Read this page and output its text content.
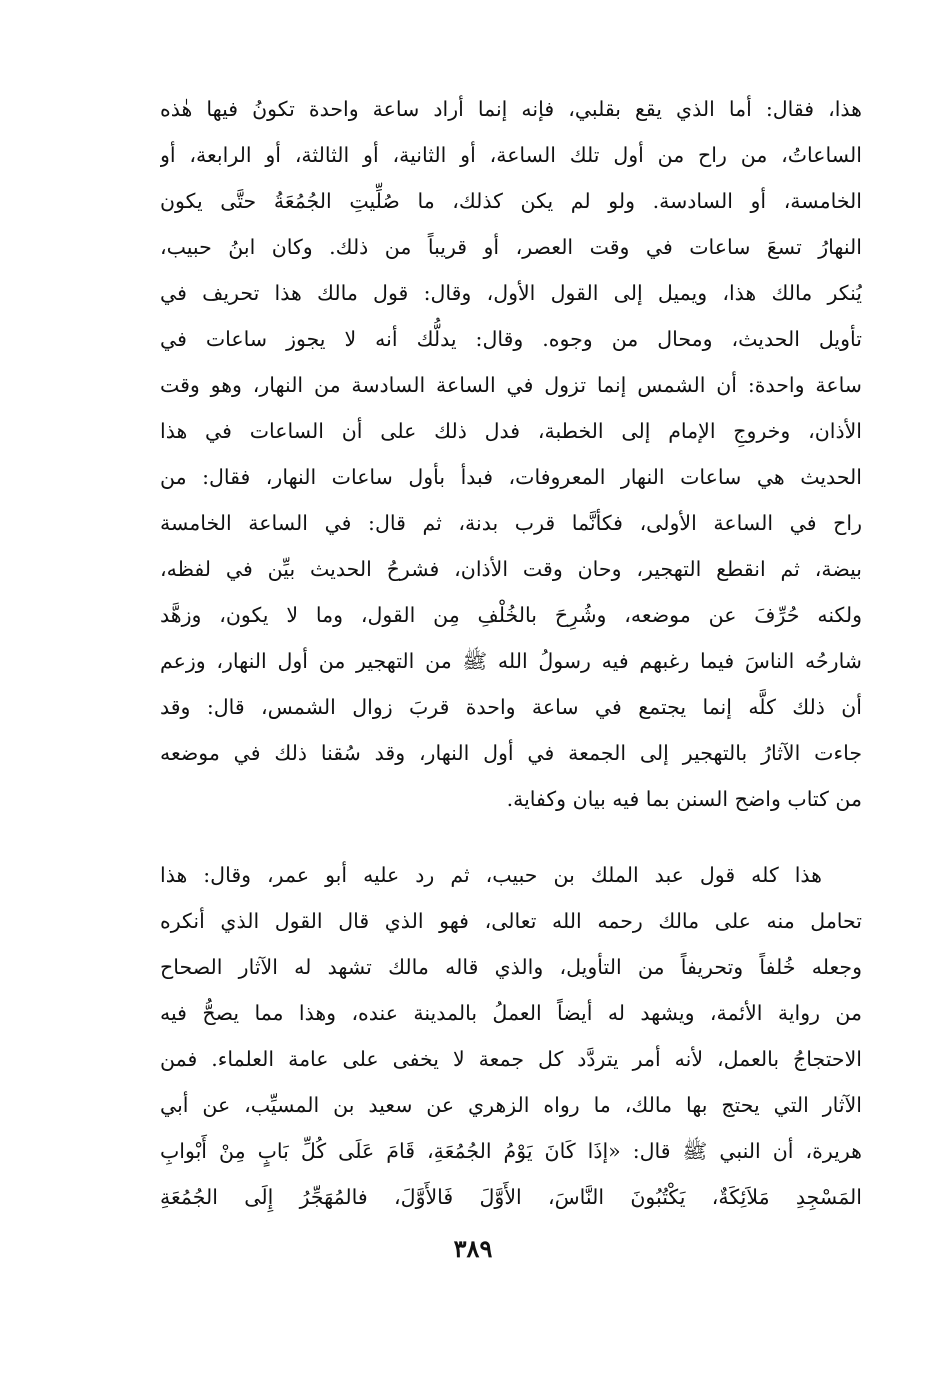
هذا، فقال: أما الذي يقع بقلبي، فإنه إنما أراد ساعة واحدة تكونُ فيها هٰذه
الساعاتُ، من راح من أول تلك الساعة، أو الثانية، أو الثالثة، أو الرابعة، أو
الخامسة، أو السادسة. ولو لم يكن كذلك، ما صُلِّيتِ الجُمُعَةُ حتَّى يكون
النهارُ تسعَ ساعات في وقت العصر، أو قريباً من ذلك. وكان ابنُ حبيب،
يُنكر مالك هذا، ويميل إلى القول الأول، وقال: قول مالك هذا تحريف في
تأويل الحديث، ومحال من وجوه. وقال: يدلُّك أنه لا يجوز ساعات في
ساعة واحدة: أن الشمس إنما تزول في الساعة السادسة من النهار، وهو وقت
الأذان، وخروجِ الإمام إلى الخطبة، فدل ذلك على أن الساعات في هذا
الحديث هي ساعات النهار المعروفات، فبدأ بأول ساعات النهار، فقال: من
راح في الساعة الأولى، فكأنَّما قرب بدنة، ثم قال: في الساعة الخامسة
بيضة، ثم انقطع التهجير، وحان وقت الأذان، فشرحُ الحديث بيِّن في لفظه،
ولكنه حُرِّفَ عن موضعه، وشُرِحَ بالخُلْفِ مِن القول، وما لا يكون، وزهَّد
شارحُه الناسَ فيما رغبهم فيه رسولُ الله ﷺ من التهجير من أول النهار، وزعم
أن ذلك كلَّه إنما يجتمع في ساعة واحدة قربَ زوال الشمس، قال: وقد
جاءت الآثارُ بالتهجير إلى الجمعة في أول النهار، وقد سُقنا ذلك في موضعه
من كتاب واضح السنن بما فيه بيان وكفاية.
هذا كله قول عبد الملك بن حبيب، ثم رد عليه أبو عمر، وقال: هذا
تحامل منه على مالك رحمه الله تعالى، فهو الذي قال القول الذي أنكره
وجعله خُلفاً وتحريفاً من التأويل، والذي قاله مالك تشهد له الآثار الصحاح
من رواية الأئمة، ويشهد له أيضاً العملُ بالمدينة عنده، وهذا مما يصحُّ فيه
الاحتجاجُ بالعمل، لأنه أمر يتردَّد كل جمعة لا يخفى على عامة العلماء. فمن
الآثار التي يحتج بها مالك، ما رواه الزهري عن سعيد بن المسيِّب، عن أبي
هريرة، أن النبي ﷺ قال: «إذَا كَانَ يَوْمُ الجُمُعَةِ، قَامَ عَلَى كُلِّ بَابٍ مِنْ أَبْوابِ
المَسْجِدِ مَلاَئِكَةٌ، يَكْتُبُونَ النَّاسَ، الأَوَّلَ فَالأَوَّلَ، فالمُهَجِّرُ إِلَى الجُمُعَةِ
٣٨٩
